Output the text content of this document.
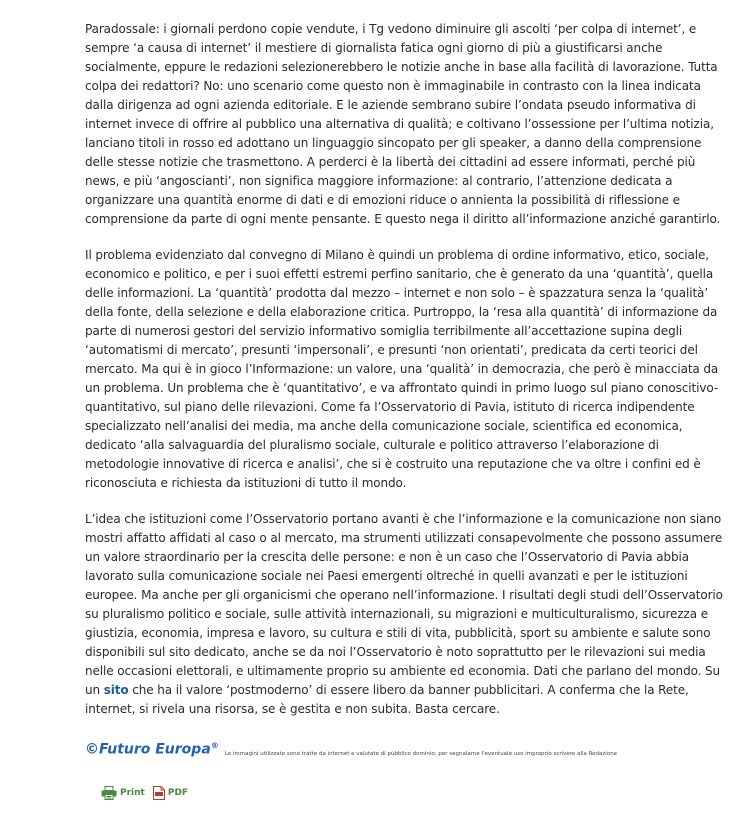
Paradossale: i giornali perdono copie vendute, i Tg vedono diminuire gli ascolti ‘per colpa di internet’, e sempre ‘a causa di internet’ il mestiere di giornalista fatica ogni giorno di più a giustificarsi anche socialmente, eppure le redazioni selezionerebbero le notizie anche in base alla facilità di lavorazione. Tutta colpa dei redattori? No: uno scenario come questo non è immaginabile in contrasto con la linea indicata dalla dirigenza ad ogni azienda editoriale. E le aziende sembrano subire l’ondata pseudo informativa di internet invece di offrire al pubblico una alternativa di qualità; e coltivano l’ossessione per l’ultima notizia, lanciano titoli in rosso ed adottano un linguaggio sincopato per gli speaker, a danno della comprensione delle stesse notizie che trasmettono. A perderci è la libertà dei cittadini ad essere informati, perché più news, e più ‘angoscianti’, non significa maggiore informazione: al contrario, l’attenzione dedicata a organizzare una quantità enorme di dati e di emozioni riduce o annienta la possibilità di riflessione e comprensione da parte di ogni mente pensante. E questo nega il diritto all’informazione anziché garantirlo.

Il problema evidenziato dal convegno di Milano è quindi un problema di ordine informativo, etico, sociale, economico e politico, e per i suoi effetti estremi perfino sanitario, che è generato da una ‘quantità’, quella delle informazioni. La ‘quantità’ prodotta dal mezzo – internet e non solo – è spazzatura senza la ‘qualità’ della fonte, della selezione e della elaborazione critica. Purtroppo, la ‘resa alla quantità’ di informazione da parte di numerosi gestori del servizio informativo somiglia terribilmente all’accettazione supina degli ‘automatismi di mercato’, presunti ‘impersonali’, e presunti ‘non orientati’, predicata da certi teorici del mercato. Ma qui è in gioco l’Informazione: un valore, una ‘qualità’ in democrazia, che però è minacciata da un problema. Un problema che è ‘quantitativo’, e va affrontato quindi in primo luogo sul piano conoscitivo-quantitativo, sul piano delle rilevazioni. Come fa l’Osservatorio di Pavia, istituto di ricerca indipendente specializzato nell’analisi dei media, ma anche della comunicazione sociale, scientifica ed economica, dedicato ‘alla salvaguardia del pluralismo sociale, culturale e politico attraverso l’elaborazione di metodologie innovative di ricerca e analisi’, che si è costruito una reputazione che va oltre i confini ed è riconosciuta e richiesta da istituzioni di tutto il mondo.

L’idea che istituzioni come l’Osservatorio portano avanti è che l’informazione e la comunicazione non siano mostri affatto affidati al caso o al mercato, ma strumenti utilizzati consapevolmente che possono assumere un valore straordinario per la crescita delle persone: e non è un caso che l’Osservatorio di Pavia abbia lavorato sulla comunicazione sociale nei Paesi emergenti oltreché in quelli avanzati e per le istituzioni europee. Ma anche per gli organicismi che operano nell’informazione. I risultati degli studi dell’Osservatorio su pluralismo politico e sociale, sulle attività internazionali, su migrazioni e multiculturalismo, sicurezza e giustizia, economia, impresa e lavoro, su cultura e stili di vita, pubblicità, sport su ambiente e salute sono disponibili sul sito dedicato, anche se da noi l’Osservatorio è noto soprattutto per le rilevazioni sui media nelle occasioni elettorali, e ultimamente proprio su ambiente ed economia. Dati che parlano del mondo. Su un sito che ha il valore ‘postmoderno’ di essere libero da banner pubblicitari. A conferma che la Rete, internet, si rivela una risorsa, se è gestita e non subita. Basta cercare.

©Futuro Europa®
Le immagini utilizzate sono tratte da internet e valutate di pubblico dominio: per segnalarne l'eventuale uso improprio scrivere alla Redazione
Print	PDF
